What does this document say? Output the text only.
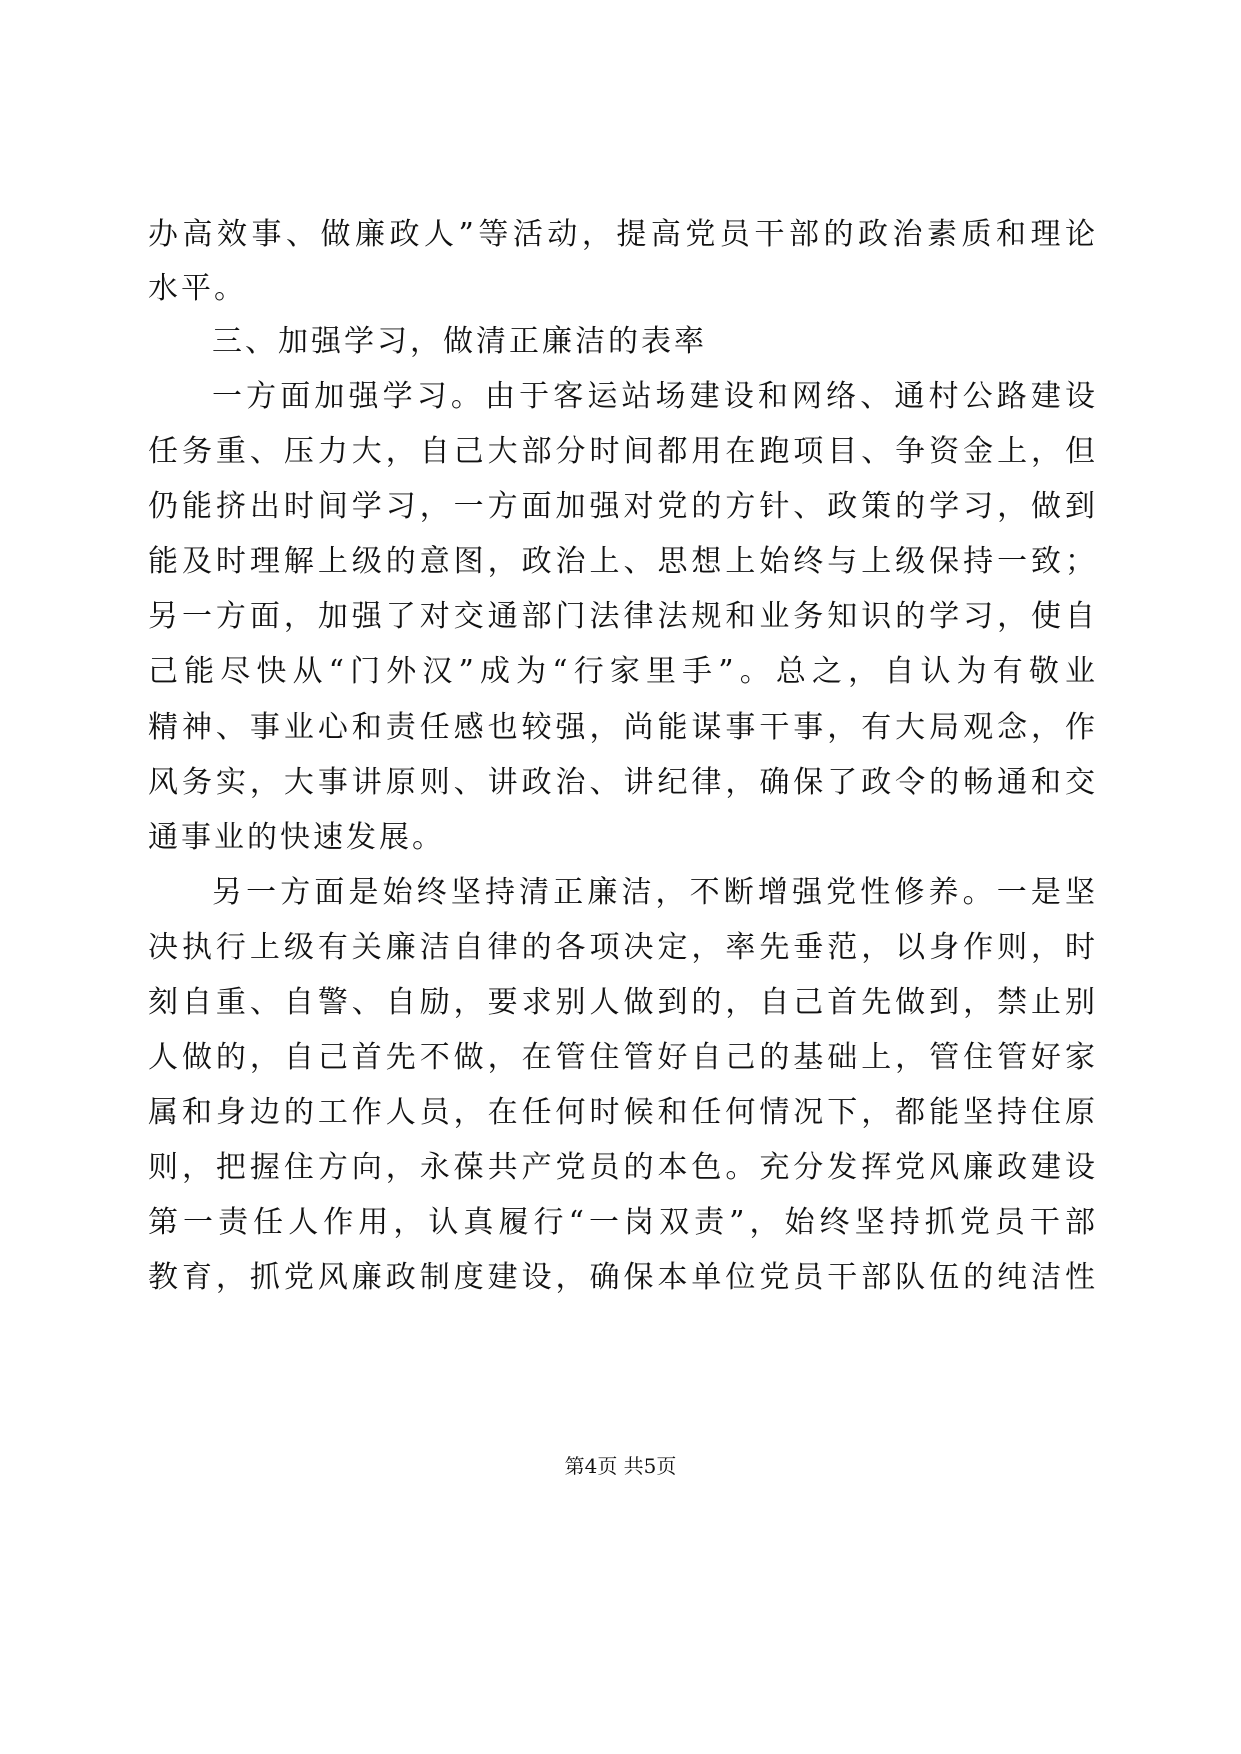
办高效事、做廉政人”等活动，提高党员干部的政治素质和理论
水平。
三、加强学习，做清正廉洁的表率
一方面加强学习。由于客运站场建设和网络、通村公路建设
任务重、压力大，自己大部分时间都用在跑项目、争资金上，但
仍能挤出时间学习，一方面加强对党的方针、政策的学习，做到
能及时理解上级的意图，政治上、思想上始终与上级保持一致；
另一方面，加强了对交通部门法律法规和业务知识的学习，使自
己能尽快从“门外汉”成为“行家里手”。总之，自认为有敬业
精神、事业心和责任感也较强，尚能谋事干事，有大局观念，作
风务实，大事讲原则、讲政治、讲纪律，确保了政令的畅通和交
通事业的快速发展。
另一方面是始终坚持清正廉洁，不断增强党性修养。一是坚
决执行上级有关廉洁自律的各项决定，率先垂范，以身作则，时
刻自重、自警、自励，要求别人做到的，自己首先做到，禁止别
人做的，自己首先不做，在管住管好自己的基础上，管住管好家
属和身边的工作人员，在任何时候和任何情况下，都能坚持住原
则，把握住方向，永葆共产党员的本色。充分发挥党风廉政建设
第一责任人作用，认真履行“一岗双责”，始终坚持抓党员干部
教育，抓党风廉政制度建设，确保本单位党员干部队伍的纯洁性
第4页 共5页
